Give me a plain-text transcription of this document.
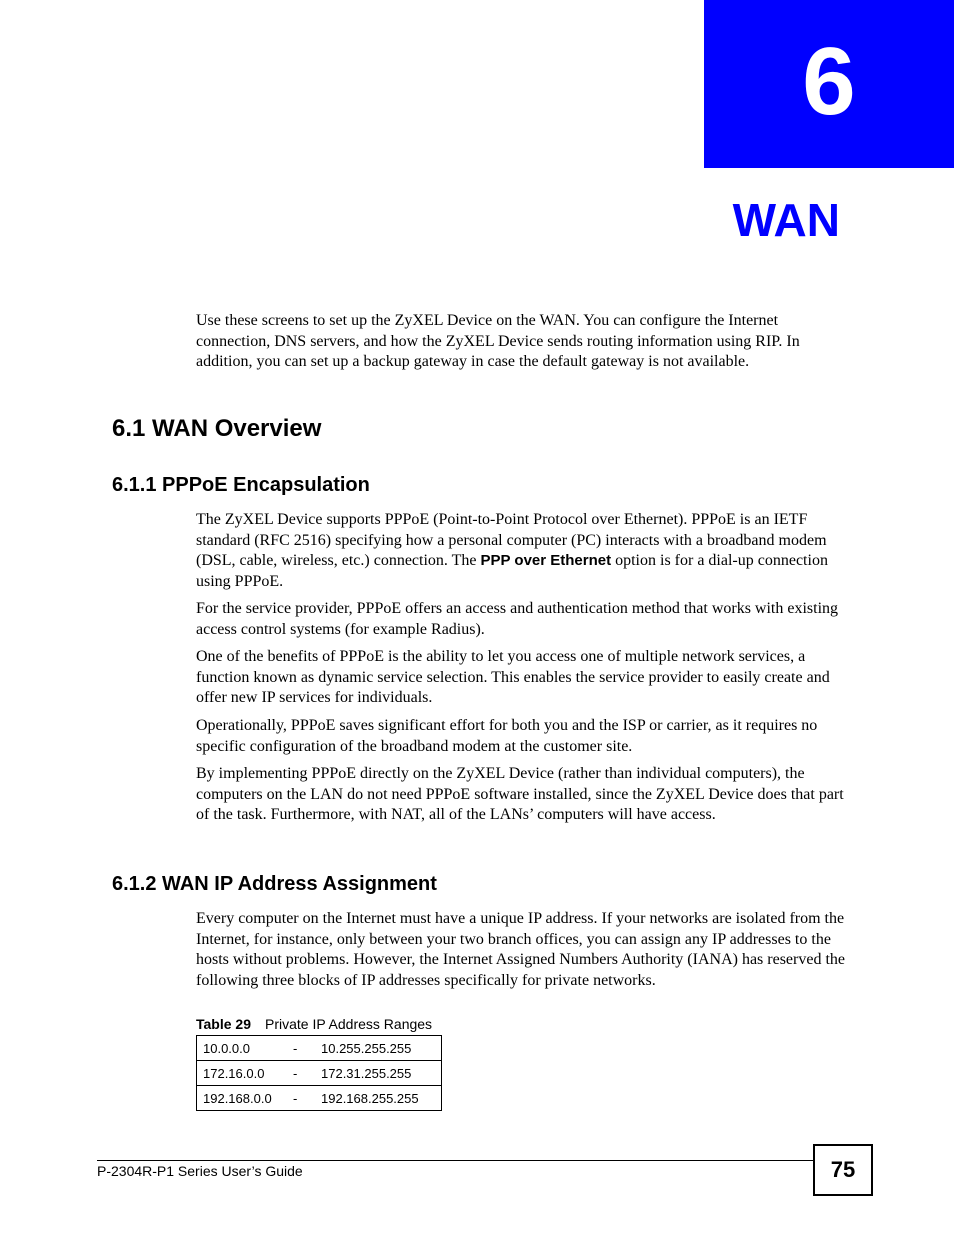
6
WAN

Use these screens to set up the ZyXEL Device on the WAN. You can configure the Internet connection, DNS servers, and how the ZyXEL Device sends routing information using RIP. In addition, you can set up a backup gateway in case the default gateway is not available.

6.1 WAN Overview
6.1.1 PPPoE Encapsulation

The ZyXEL Device supports PPPoE (Point-to-Point Protocol over Ethernet). PPPoE is an IETF standard (RFC 2516) specifying how a personal computer (PC) interacts with a broadband modem (DSL, cable, wireless, etc.) connection. The PPP over Ethernet option is for a dial-up connection using PPPoE.

For the service provider, PPPoE offers an access and authentication method that works with existing access control systems (for example Radius).

One of the benefits of PPPoE is the ability to let you access one of multiple network services, a function known as dynamic service selection. This enables the service provider to easily create and offer new IP services for individuals.

Operationally, PPPoE saves significant effort for both you and the ISP or carrier, as it requires no specific configuration of the broadband modem at the customer site.

By implementing PPPoE directly on the ZyXEL Device (rather than individual computers), the computers on the LAN do not need PPPoE software installed, since the ZyXEL Device does that part of the task. Furthermore, with NAT, all of the LANs’ computers will have access.

6.1.2 WAN IP Address Assignment

Every computer on the Internet must have a unique IP address. If your networks are isolated from the Internet, for instance, only between your two branch offices, you can assign any IP addresses to the hosts without problems. However, the Internet Assigned Numbers Authority (IANA) has reserved the following three blocks of IP addresses specifically for private networks.

Table 29 Private IP Address Ranges
10.0.0.0	-	10.255.255.255
172.16.0.0	-	172.31.255.255
192.168.0.0	-	192.168.255.255
P-2304R-P1 Series User’s Guide	75
